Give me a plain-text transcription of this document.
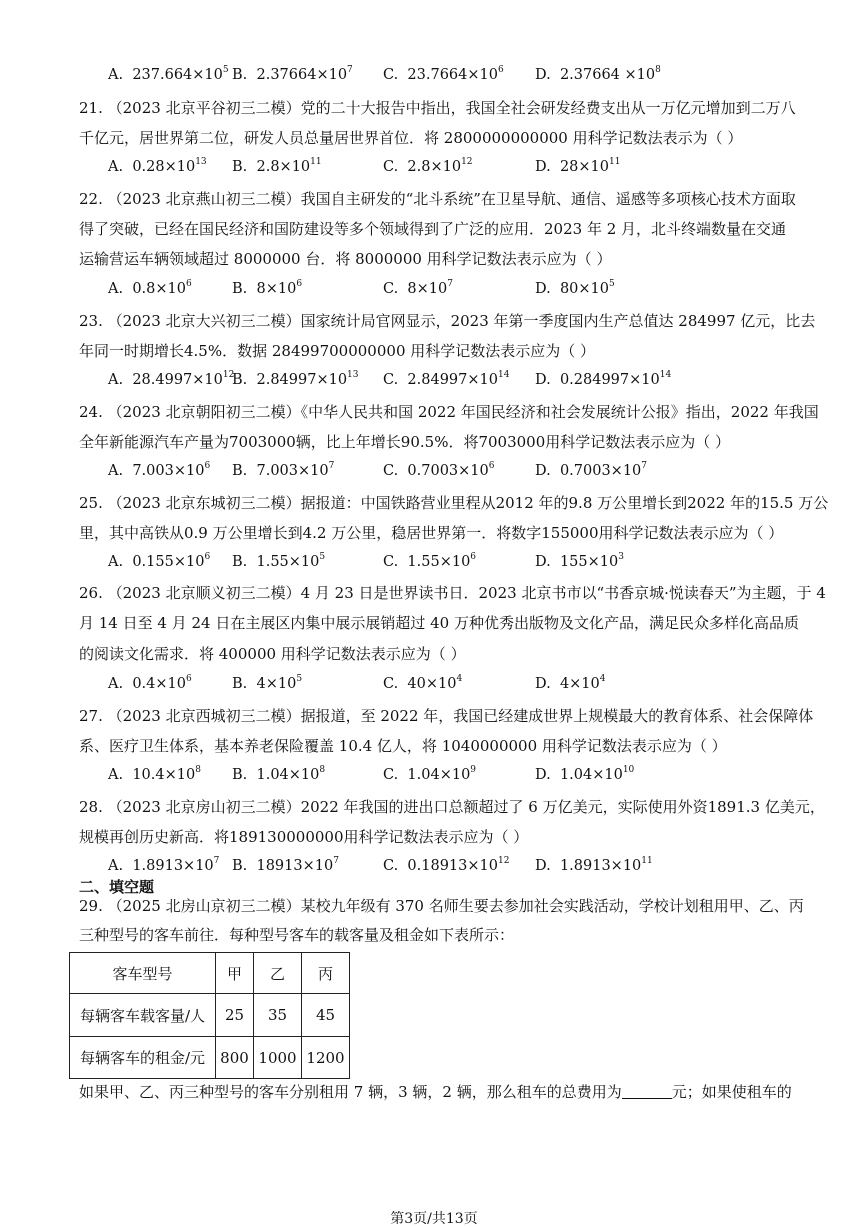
A. $237.664\times 10^5$ B. $2.37664\times 10^7$ C. $23.7664\times 10^6$ D. $2.37664 \times 10^8$
21. （2023 北京平谷初三二模）党的二十大报告中指出，我国全社会研发经费支出从一万亿元增加到二万八
千亿元，居世界第二位，研发人员总量居世界首位．将 2800000000000 用科学记数法表示为（ ）
A. $0.28\times 10^{13}$ B. $2.8\times 10^{11}$	C. $2.8\times 10^{12}$	D. $28\times 10^{11}$
22. （2023 北京燕山初三二模）我国自主研发的“北斗系统”在卫星导航、通信、遥感等多项核心技术方面取
得了突破，已经在国民经济和国防建设等多个领域得到了广泛的应用．2023 年 2 月，北斗终端数量在交通
运输营运车辆领域超过 8000000 台．将 8000000 用科学记数法表示应为（ ）
A. $0.8\times 10^6$	B. $8\times 10^6$	C. $8\times 10^7$	D. $80\times 10^5$
23. （2023 北京大兴初三二模）国家统计局官网显示，2023 年第一季度国内生产总值达 284997 亿元，比去
年同一时期增长4.5%．数据 28499700000000 用科学记数法表示应为（ ）
A. $28.4997\times 10^{12}$
B. $2.84997\times 10^{13}$ C. $2.84997\times 10^{14}$ D. $0.284997\times 10^{14}$
24. （2023 北京朝阳初三二模）《中华人民共和国 2022 年国民经济和社会发展统计公报》指出，2022 年我国
全年新能源汽车产量为7003000辆，比上年增长90.5%．将7003000用科学记数法表示应为（ ）
A. $7.003\times 10^6$ B. $7.003\times 10^7$	C. $0.7003\times 10^6$	D. $0.7003\times 10^7$
25. （2023 北京东城初三二模）据报道：中国铁路营业里程从2012 年的9.8 万公里增长到2022 年的15.5 万公
里，其中高铁从0.9 万公里增长到4.2 万公里，稳居世界第一．将数字155000用科学记数法表示应为（ ）
A. $0.155\times 10^6$ B. $1.55\times 10^5$	C. $1.55\times 10^6$	D. $155\times 10^3$
26. （2023 北京顺义初三二模）4 月 23 日是世界读书日．2023 北京书市以“书香京城·悦读春天”为主题，于 4
月 14 日至 4 月 24 日在主展区内集中展示展销超过 40 万种优秀出版物及文化产品，满足民众多样化高品质
的阅读文化需求．将 400000 用科学记数法表示应为（ ）
A. $0.4\times 10^6$	B. $4\times 10^5$	C. $40\times 10^4$	D. $4\times 10^4$
27. （2023 北京西城初三二模）据报道，至 2022 年，我国已经建成世界上规模最大的教育体系、社会保障体
系、医疗卫生体系，基本养老保险覆盖 10.4 亿人，将 1040000000 用科学记数法表示应为（ ）
A. $10.4\times 10^8$ B. $1.04\times 10^8$	C. $1.04\times 10^9$	D. $1.04\times 10^{10}$
28. （2023 北京房山初三二模）2022 年我国的进出口总额超过了 6 万亿美元，实际使用外资1891.3 亿美元，
规模再创历史新高．将189130000000用科学记数法表示应为（ ）
A. $1.8913\times 10^7$ B. $18913\times 10^7$	C. $0.18913\times 10^{12}$ D. $1.8913\times 10^{11}$
二、填空题
29. （2025 北房山京初三二模）某校九年级有 370 名师生要去参加社会实践活动，学校计划租用甲、乙、丙
三种型号的客车前往．每种型号客车的载客量及租金如下表所示：
客车型号	甲	乙	丙
每辆客车载客量/人	25	35	45
每辆客车的租金/元	800	1000	1200
如果甲、乙、丙三种型号的客车分别租用 7 辆，3 辆，2 辆，那么租车的总费用为	元；如果使租车的
第3页/共13页
